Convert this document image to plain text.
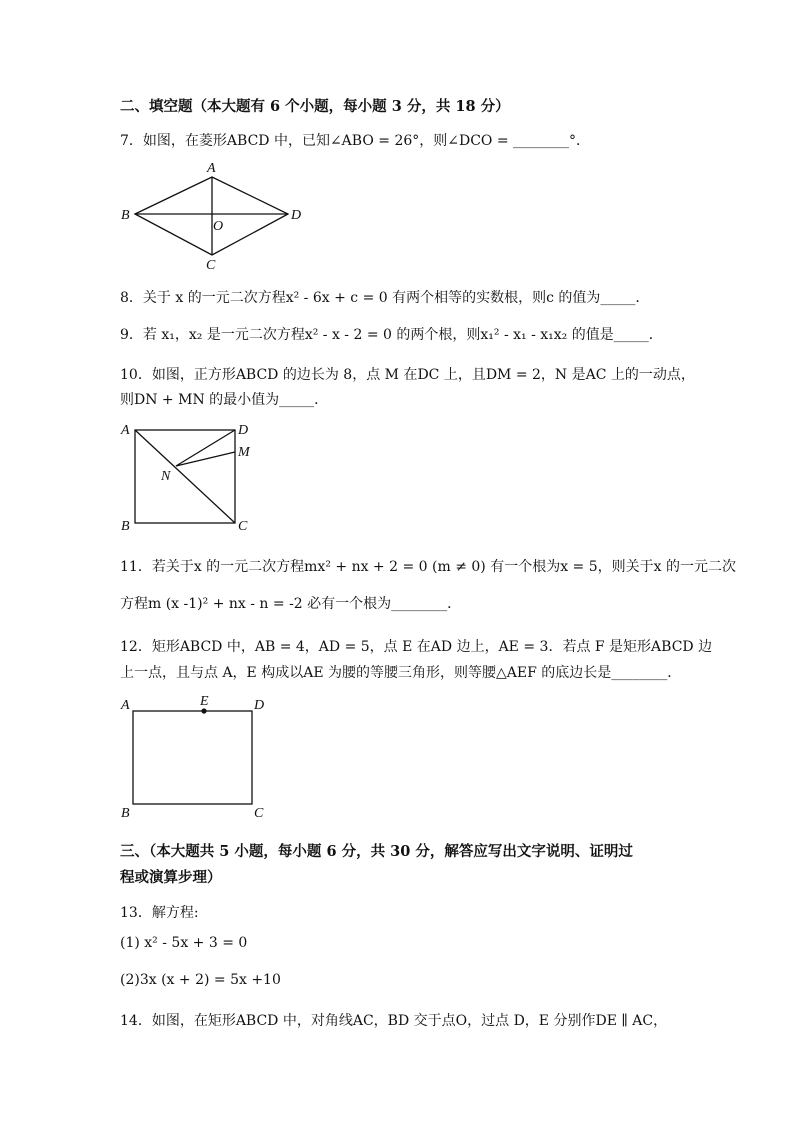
二、填空题（本大题有 6 个小题，每小题 3 分，共 18 分）
7．如图，在菱形ABCD 中，已知∠ABO = 26°，则∠DCO = ________°．
A
B	D
O
C
8．关于 x 的一元二次方程x² - 6x + c = 0 有两个相等的实数根，则c 的值为_____．
9．若 x₁，x₂ 是一元二次方程x² - x - 2 = 0 的两个根，则x₁² - x₁ - x₁x₂ 的值是_____．
10．如图，正方形ABCD 的边长为 8，点 M 在DC 上，且DM = 2，N 是AC 上的一动点，
则DN + MN 的最小值为_____．
A	D
M
N
B	C
11．若关于x 的一元二次方程mx² + nx + 2 = 0 (m ≠ 0) 有一个根为x = 5，则关于x 的一元二次
方程m (x -1)² + nx - n = -2 必有一个根为________．
12．矩形ABCD 中，AB = 4，AD = 5，点 E 在AD 边上，AE = 3．若点 F 是矩形ABCD 边
上一点，且与点 A，E 构成以AE 为腰的等腰三角形，则等腰△AEF 的底边长是________．
A	E	D
B	C
三、（本大题共 5 小题，每小题 6 分，共 30 分，解答应写出文字说明、证明过
程或演算步理）
13．解方程:
(1) x² - 5x + 3 = 0
(2)3x (x + 2) = 5x +10
14．如图，在矩形ABCD 中，对角线AC，BD 交于点O，过点 D，E 分别作DE ∥ AC，
